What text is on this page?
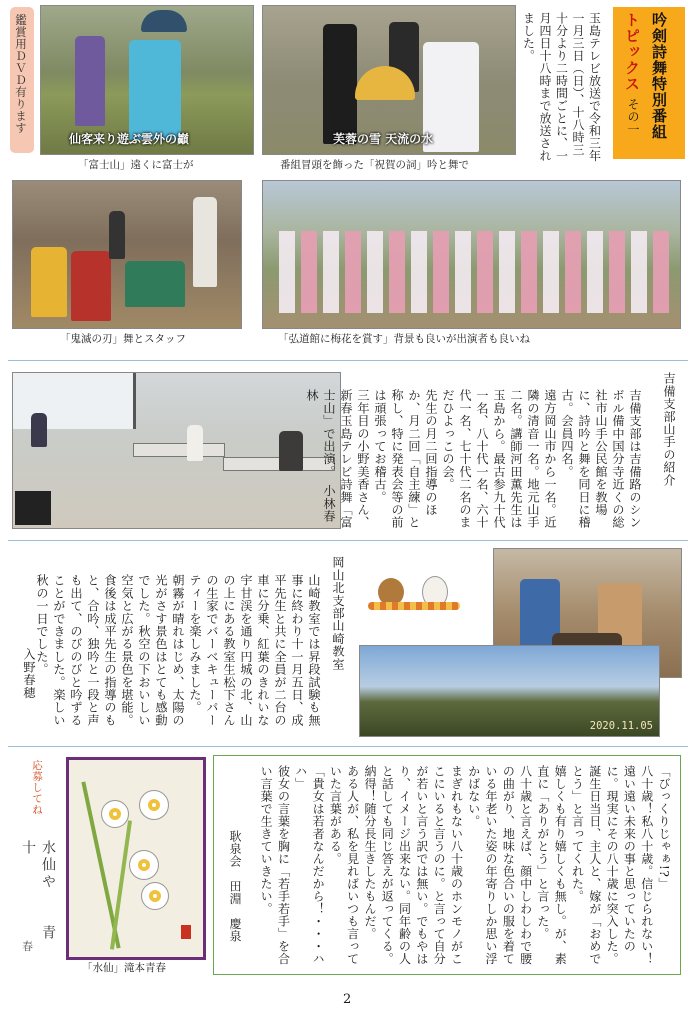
鑑賞用ＤＶＤ有ります
仙客来り遊ぶ雲外の巓
「富士山」遠くに富士が
芙蓉の雪 天流の水
番組冒頭を飾った「祝賀の詞」吟と舞で
玉島テレビ放送で令和三年一月三日（日）、十八時三十分より二時間ごとに、一月四日十八時まで放送されました。	吟剣詩舞特別番組
トピックス
その一
「鬼滅の刃」舞とスタッフ	「弘道館に梅花を賞す」背景も良いが出演者も良いね
吉備支部山手の紹介
吉備支部は吉備路のシンボル備中国分寺近くの総社市山手公民館を教場に、詩吟と舞を同日に稽古。会員四名。
遠方岡山市から一名。近隣の清音一名。地元山手二名。講師河田薫先生は玉島から。最古参九十代一名、八十代一名、六十代一名、七十代二名のまだひよっこの会。
先生の月二回指導のほか、月二回「自主練」と称し、特に発表会等の前は頑張ってお稽古。
三年目の小野美香さん、新春玉島テレビ詩舞「富士山」で出演。　小林春林
岡山北支部山崎教室
山崎教室では昇段試験も無事に終わり十一月五日、成平先生と共に全員が二台の車に分乗、紅葉のきれいな宇甘渓を通り円城の北、山の上にある教室生松下さんの生家でバーベキューパーティーを楽しみました。
朝霧が晴れはじめ、太陽の光がさす景色はとても感動でした。秋空の下おいしい空気と広がる景色を堪能。食後は成平先生の指導のもと、合吟、独吟と一段と声も出て、のびのびと吟ずることができました。楽しい秋の一日でした。
入野春穂
2020.11.05
応募してね
水仙や　　青　　十
春
「水仙」滝本青春
「びっくりじゃぁ!?」
八十歳！私八十歳。信じられない！遠い遠い未来の事と思っていたのに。現実にその八十歳に突入した。
誕生日当日、主人と、嫁が「おめでとう」と言ってくれた。
嬉しくも有り嬉しくも無し。が、素直に「ありがとう」と言った。
八十歳と言えば、顔中しわしわで腰の曲がり、地味な色合いの服を着ている年老いた姿の年寄りしか思い浮かばない。
まぎれもない八十歳のホンモノがここにいると言うのに。と言って自分が若いと言う訳では無い。でもやはり、イメージ出来ない。同年齢の人と話しても同じ答えが返ってくる。
納得！随分長生きしたもんだ。
ある人が、私を見ればいつも言っていた言葉がある。
「貴女は若者なんだから！・・・ハハ」
彼女の言葉を胸に「若手若手」を合い言葉で生きていきたい。
耿泉会　田淵　慶泉
2
